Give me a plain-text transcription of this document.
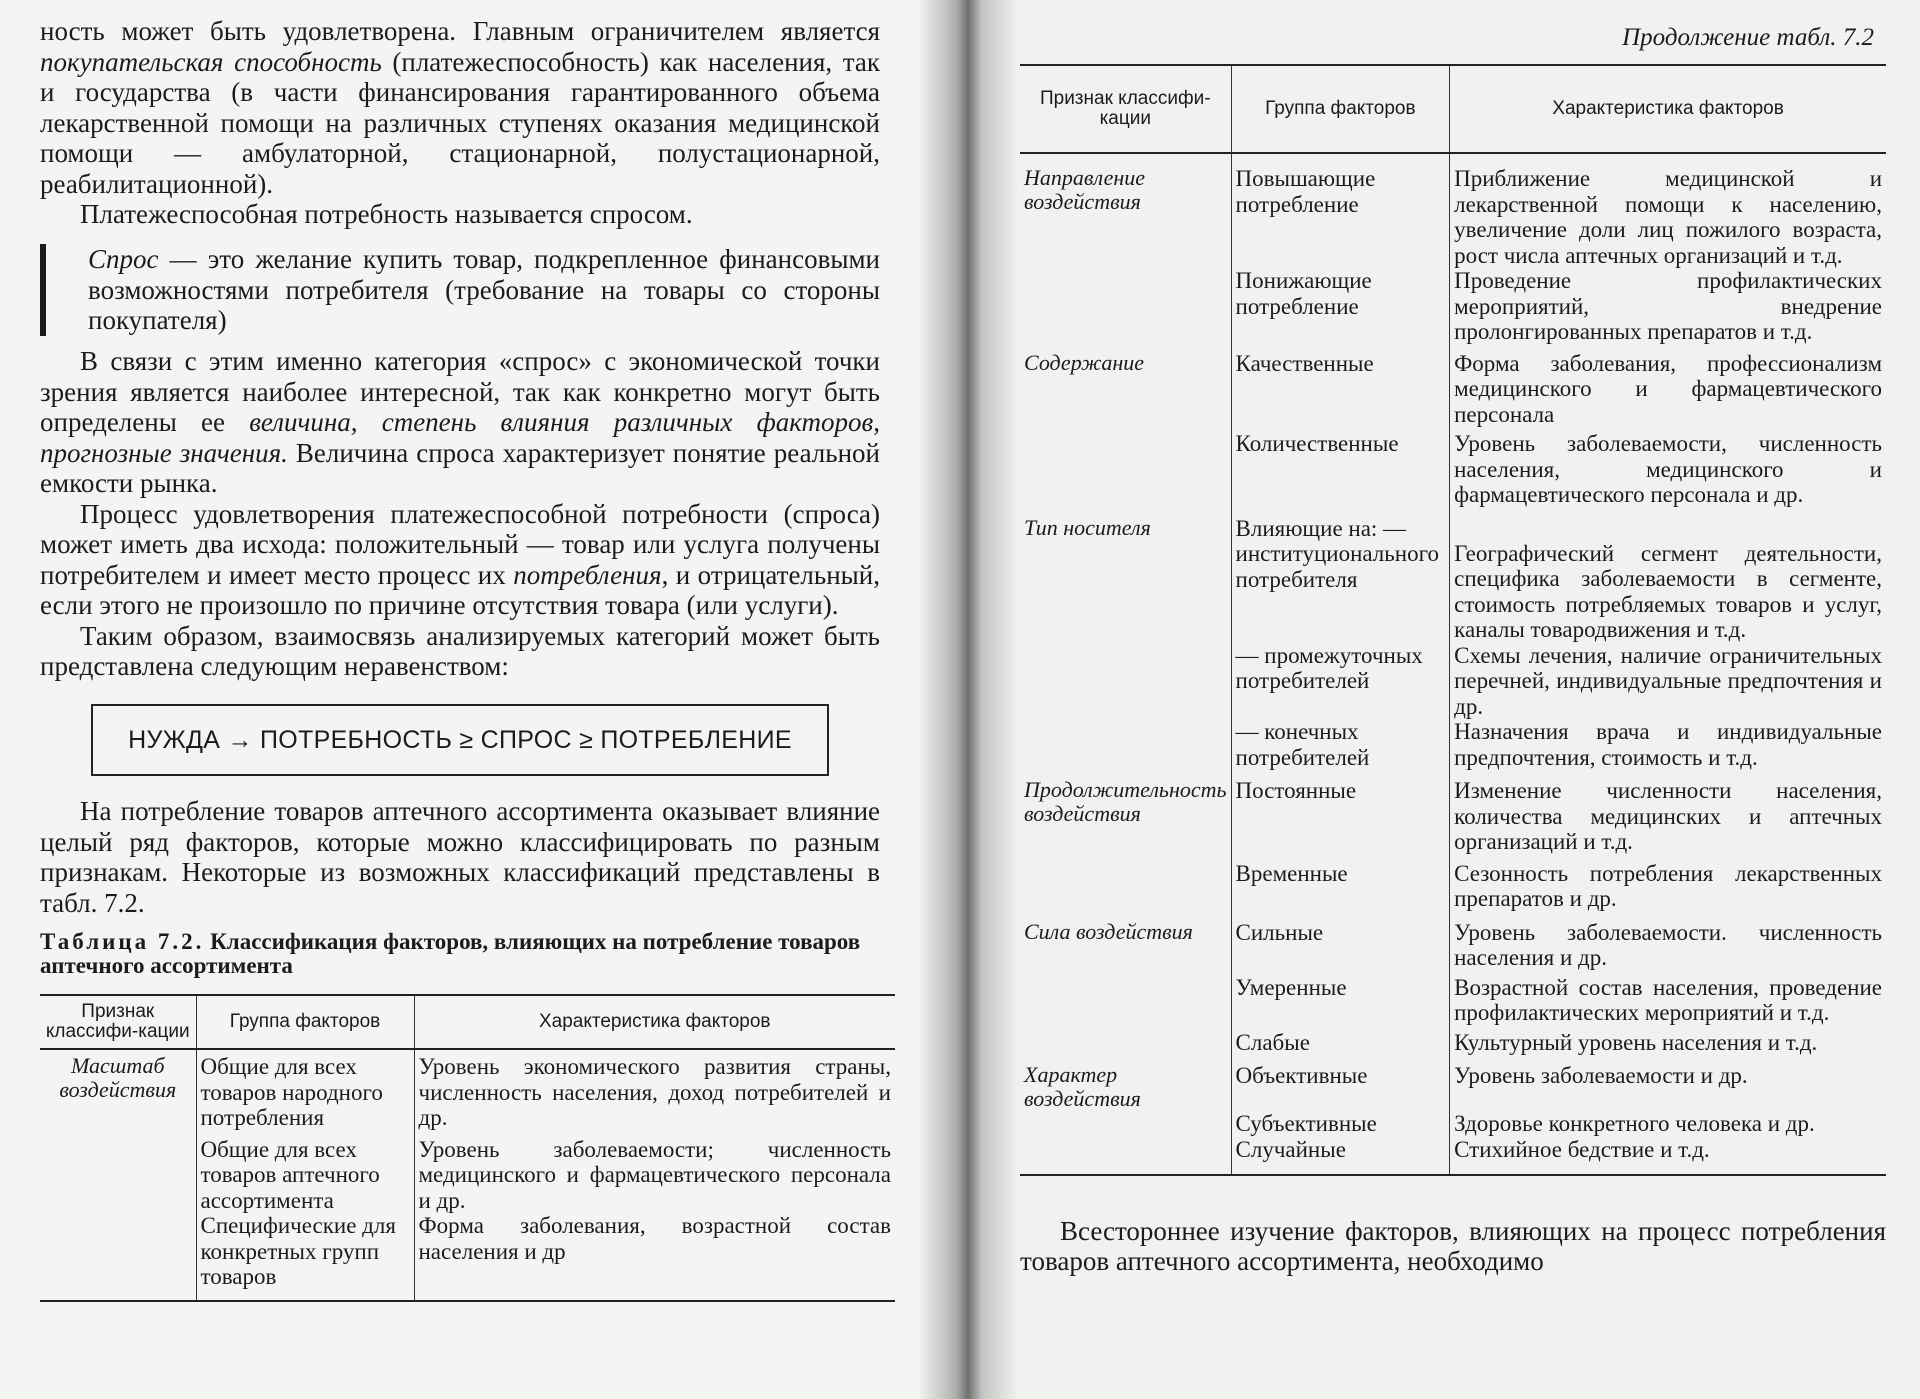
ность может быть удовлетворена. Главным ограничителем является покупательская способность (платежеспособность) как населения, так и государства (в части финансирования гарантированного объема лекарственной помощи на различных ступенях оказания медицинской помощи — амбулаторной, стационарной, полустационарной, реабилитационной).

Платежеспособная потребность называется спросом.

Спрос — это желание купить товар, подкрепленное финансовыми возможностями потребителя (требование на товары со стороны покупателя)

В связи с этим именно категория «спрос» с экономической точки зрения является наиболее интересной, так как конкретно могут быть определены ее величина, степень влияния различных факторов, прогнозные значения. Величина спроса характеризует понятие реальной емкости рынка.

Процесс удовлетворения платежеспособной потребности (спроса) может иметь два исхода: положительный — товар или услуга получены потребителем и имеет место процесс их потребления, и отрицательный, если этого не произошло по причине отсутствия товара (или услуги).

Таким образом, взаимосвязь анализируемых категорий может быть представлена следующим неравенством:

НУЖДА → ПОТРЕБНОСТЬ ≥ СПРОС ≥ ПОТРЕБЛЕНИЕ

На потребление товаров аптечного ассортимента оказывает влияние целый ряд факторов, которые можно классифицировать по разным признакам. Некоторые из возможных классификаций представлены в табл. 7.2.

Таблица 7.2. Классификация факторов, влияющих на потребление товаров аптечного ассортимента
Признак классифи-кации	Группа факторов	Характеристика факторов
Масштаб воздействия	Общие для всех товаров народного потребления	Уровень экономического развития страны, численность населения, доход потребителей и др.
	Общие для всех товаров аптечного ассортимента	Уровень заболеваемости; численность медицинского и фармацевтического персонала и др.
	Специфические для конкретных групп товаров	Форма заболевания, возрастной состав населения и др
Продолжение табл. 7.2
Признак классифи-кации	Группа факторов	Характеристика факторов
Направление воздействия	Повышающие потребление	Приближение медицинской и лекарственной помощи к населению, увеличение доли лиц пожилого возраста, рост числа аптечных организаций и т.д.
	Понижающие потребление	Проведение профилактических мероприятий, внедрение пролонгированных препаратов и т.д.
Содержание	Качественные	Форма заболевания, профессионализм медицинского и фармацевтического персонала
	Количественные	Уровень заболеваемости, численность населения, медицинского и фармацевтического персонала и др.
Тип носителя	Влияющие на: — институционального потребителя	Географический сегмент деятельности, специфика заболеваемости в сегменте, стоимость потребляемых товаров и услуг, каналы товародвижения и т.д.
	— промежуточных потребителей	Схемы лечения, наличие ограничительных перечней, индивидуальные предпочтения и др.
	— конечных потребителей	Назначения врача и индивидуальные предпочтения, стоимость и т.д.
Продолжительность воздействия	Постоянные	Изменение численности населения, количества медицинских и аптечных организаций и т.д.
	Временные	Сезонность потребления лекарственных препаратов и др.
Сила воздействия	Сильные	Уровень заболеваемости. численность населения и др.
	Умеренные	Возрастной состав населения, проведение профилактических мероприятий и т.д.
	Слабые	Культурный уровень населения и т.д.
Характер воздействия	Объективные	Уровень заболеваемости и др.
	Субъективные	Здоровье конкретного человека и др.
	Случайные	Стихийное бедствие и т.д.
Всестороннее изучение факторов, влияющих на процесс потребления товаров аптечного ассортимента, необходимо
